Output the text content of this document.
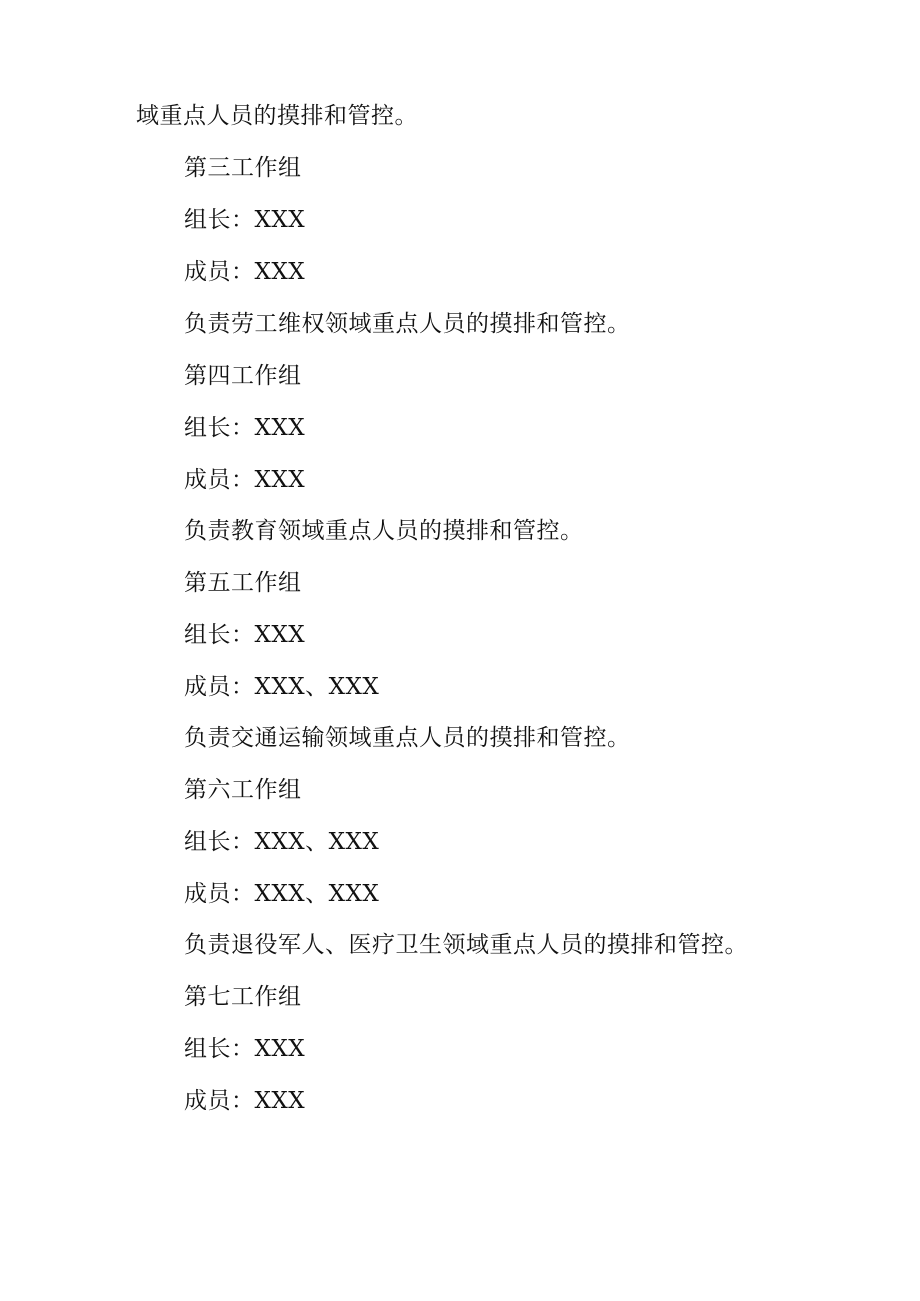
域重点人员的摸排和管控。

第三工作组

组长：XXX

成员：XXX

负责劳工维权领域重点人员的摸排和管控。

第四工作组

组长：XXX

成员：XXX

负责教育领域重点人员的摸排和管控。

第五工作组

组长：XXX

成员：XXX、XXX

负责交通运输领域重点人员的摸排和管控。

第六工作组

组长：XXX、XXX

成员：XXX、XXX

负责退役军人、医疗卫生领域重点人员的摸排和管控。

第七工作组

组长：XXX

成员：XXX
